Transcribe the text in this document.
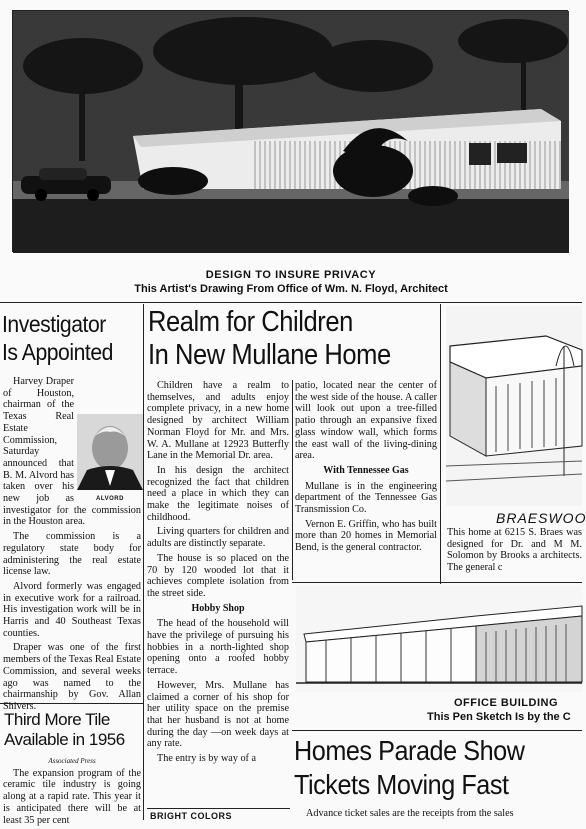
DESIGN TO INSURE PRIVACY
This Artist's Drawing From Office of Wm. N. Floyd, Architect
Investigator
Is Appointed
ALVORD

Harvey Draper of Houston, chairman of the Texas Real Estate Commission, Saturday announced that B. M. Alvord has taken over his new job as investigator for the commission in the Houston area.

The commission is a regulatory state body for administering the real estate license law.

Alvord formerly was engaged in executive work for a railroad. His investigation work will be in Harris and 40 Southeast Texas counties.

Draper was one of the first members of the Texas Real Estate Commission, and several weeks ago was named to the chairmanship by Gov. Allan Shivers.

Third More Tile
Available in 1956
Associated Press

The expansion program of the ceramic tile industry is going along at a rapid rate. This year it is anticipated there will be at least 35 per cent

Realm for Children
In New Mullane Home

Children have a realm to themselves, and adults enjoy complete privacy, in a new home designed by architect William Norman Floyd for Mr. and Mrs. W. A. Mullane at 12923 Butterfly Lane in the Memorial Dr. area.

In his design the architect recognized the fact that children need a place in which they can make the legitimate noises of childhood.

Living quarters for children and adults are distinctly separate.

The house is so placed on the 70 by 120 wooded lot that it achieves complete isolation from the street side.

Hobby Shop

The head of the household will have the privilege of pursuing his hobbies in a north-lighted shop opening onto a roofed hobby terrace.

However, Mrs. Mullane has claimed a corner of his shop for her utility space on the premise that her husband is not at home during the day —on week days at any rate.

The entry is by way of a

BRIGHT COLORS

patio, located near the center of the west side of the house. A caller will look out upon a tree-filled patio through an expansive fixed glass window wall, which forms the east wall of the living-dining area.

With Tennessee Gas

Mullane is in the engineering department of the Tennessee Gas Transmission Co.

Vernon E. Griffin, who has built more than 20 homes in Memorial Bend, is the general contractor.

BRAESWOO

This home at 6215 S. Braes was designed for Dr. and M M. Solomon by Brooks a architects. The general c

OFFICE BUILDING
This Pen Sketch Is by the C
Homes Parade Show
Tickets Moving Fast

Advance ticket sales are the receipts from the sales
